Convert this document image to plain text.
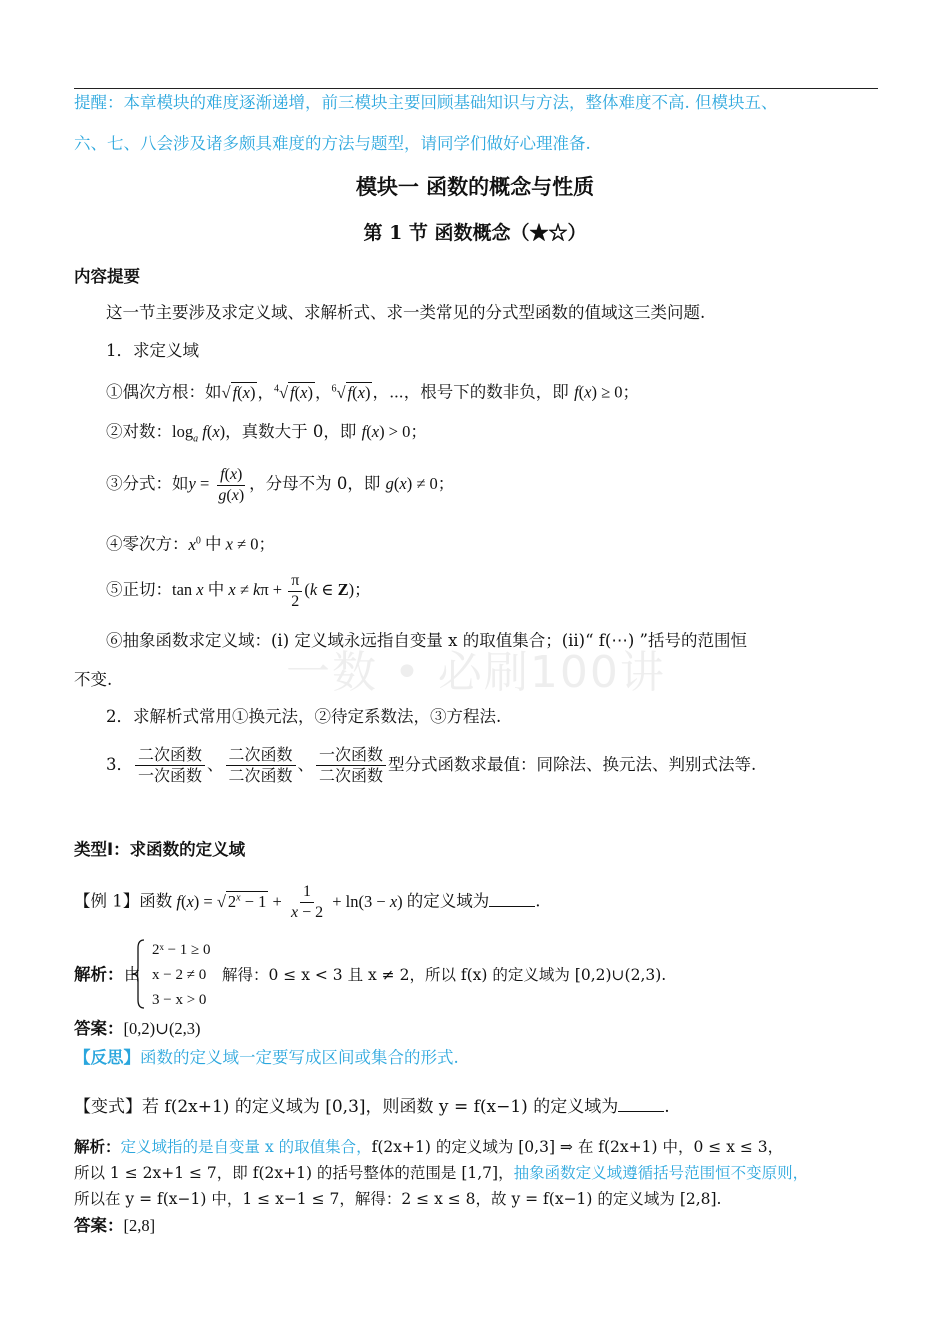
一数 • 必刷100讲
提醒：本章模块的难度逐渐递增，前三模块主要回顾基础知识与方法，整体难度不高. 但模块五、
六、七、八会涉及诸多颇具难度的方法与题型，请同学们做好心理准备.
模块一 函数的概念与性质
第 1 节 函数概念（★☆）
内容提要
这一节主要涉及求定义域、求解析式、求一类常见的分式型函数的值域这三类问题.
1．求定义域
①偶次方根：如√ f(x) ，$^4$√ f(x) ，$^6$√ f(x) ，⋯，根号下的数非负，即 f(x) ≥ 0；
②对数：$\log_a f(x)$，真数大于 0，即 f(x) > 0；
③分式：如$y = \frac{f(x)}{g(x)}$ ，分母不为 0，即 g(x) ≠ 0；
④零次方：$x^0$ 中 x ≠ 0；
⑤正切：tan x 中 $x \ne k\pi + \frac{\pi}{2} (k$ ∈ Z)；
⑥抽象函数求定义域：(i) 定义域永远指自变量 x 的取值集合；(ii)“ f(⋯) ”括号的范围恒
不变.
2．求解析式常用①换元法，②待定系数法，③方程法.
3． $\frac{\text{二次函数}}{\text{一次函数}}$ 、 $\frac{\text{二次函数}}{\text{二次函数}}$ 、 $\frac{\text{一次函数}}{\text{二次函数}}$ 型分式函数求最值：同除法、换元法、判别式法等.
类型Ⅰ：求函数的定义域
【例 1】函数 f(x) = √ $2^x - 1 + \frac{1}{x - 2} + \ln(3 - x)$ 的定义域为	.
解析： 由
2ˣ − 1 ≥ 0
x − 2 ≠ 0
3 − x > 0
解得：0 ≤ x < 3 且 x ≠ 2，所以 f(x) 的定义域为 [0,2)∪(2,3).
答案：[0,2)∪(2,3)
【反思】函数的定义域一定要写成区间或集合的形式.
【变式】若 f(2x+1) 的定义域为 [0,3]，则函数 y = f(x−1) 的定义域为	.
解析：定义域指的是自变量 x 的取值集合，f(2x+1) 的定义域为 [0,3] ⇒ 在 f(2x+1) 中，0 ≤ x ≤ 3，
所以 1 ≤ 2x+1 ≤ 7，即 f(2x+1) 的括号整体的范围是 [1,7]，抽象函数定义域遵循括号范围恒不变原则，
所以在 y = f(x−1) 中，1 ≤ x−1 ≤ 7，解得：2 ≤ x ≤ 8，故 y = f(x−1) 的定义域为 [2,8].
答案：[2,8]
